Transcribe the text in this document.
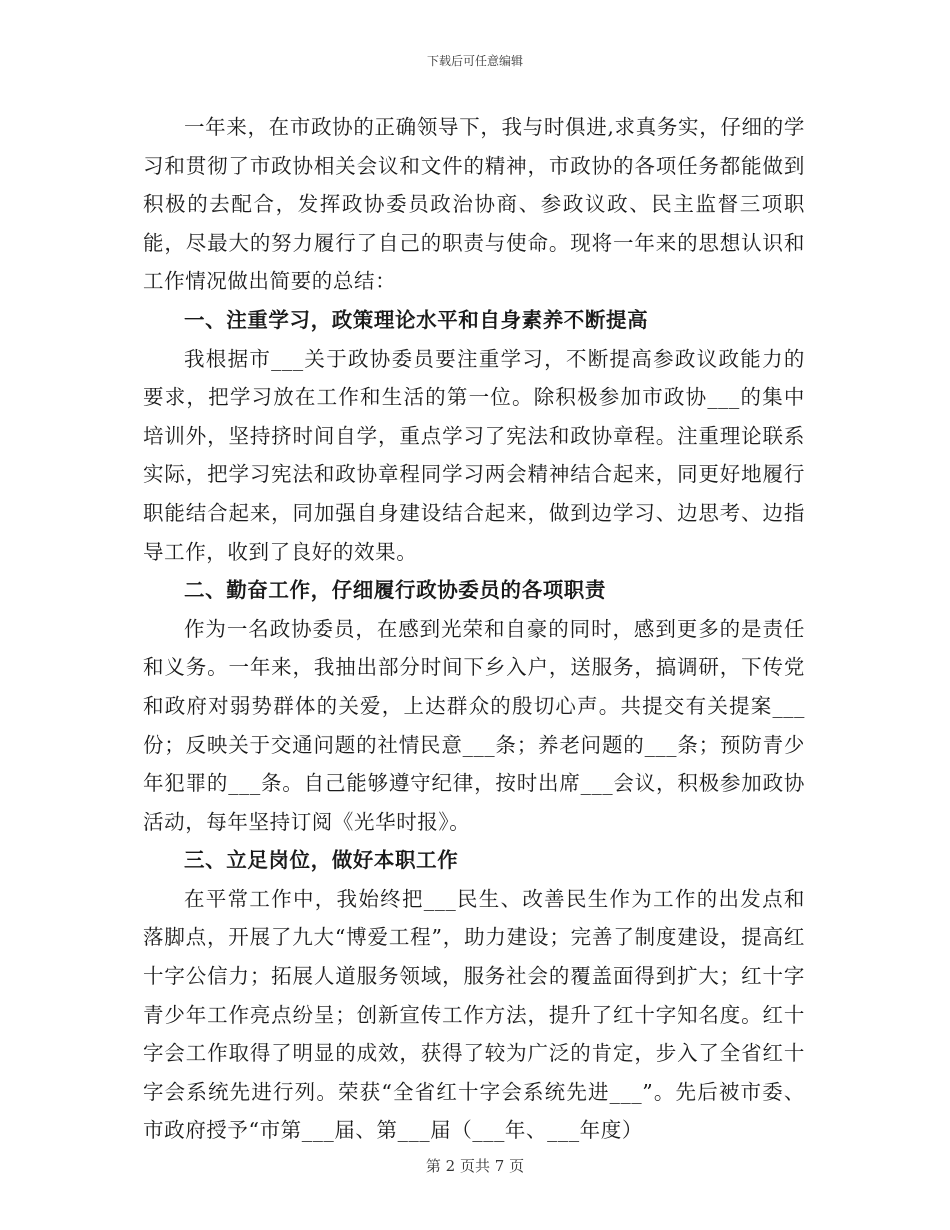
下载后可任意编辑

一年来，在市政协的正确领导下，我与时俱进,求真务实，仔细的学习和贯彻了市政协相关会议和文件的精神，市政协的各项任务都能做到积极的去配合，发挥政协委员政治协商、参政议政、民主监督三项职能，尽最大的努力履行了自己的职责与使命。现将一年来的思想认识和工作情况做出简要的总结：

一、注重学习，政策理论水平和自身素养不断提高

我根据市___关于政协委员要注重学习，不断提高参政议政能力的要求，把学习放在工作和生活的第一位。除积极参加市政协___的集中培训外，坚持挤时间自学，重点学习了宪法和政协章程。注重理论联系实际，把学习宪法和政协章程同学习两会精神结合起来，同更好地履行职能结合起来，同加强自身建设结合起来，做到边学习、边思考、边指导工作，收到了良好的效果。

二、勤奋工作，仔细履行政协委员的各项职责

作为一名政协委员，在感到光荣和自豪的同时，感到更多的是责任和义务。一年来，我抽出部分时间下乡入户，送服务，搞调研，下传党和政府对弱势群体的关爱，上达群众的殷切心声。共提交有关提案___份；反映关于交通问题的社情民意___条；养老问题的___条；预防青少年犯罪的___条。自己能够遵守纪律，按时出席___会议，积极参加政协活动，每年坚持订阅《光华时报》。

三、立足岗位，做好本职工作

在平常工作中，我始终把___民生、改善民生作为工作的出发点和落脚点，开展了九大“博爱工程”，助力建设；完善了制度建设，提高红十字公信力；拓展人道服务领域，服务社会的覆盖面得到扩大；红十字青少年工作亮点纷呈；创新宣传工作方法，提升了红十字知名度。红十字会工作取得了明显的成效，获得了较为广泛的肯定，步入了全省红十字会系统先进行列。荣获“全省红十字会系统先进___”。先后被市委、市政府授予“市第___届、第___届（___年、___年度）

第 2 页共 7 页
